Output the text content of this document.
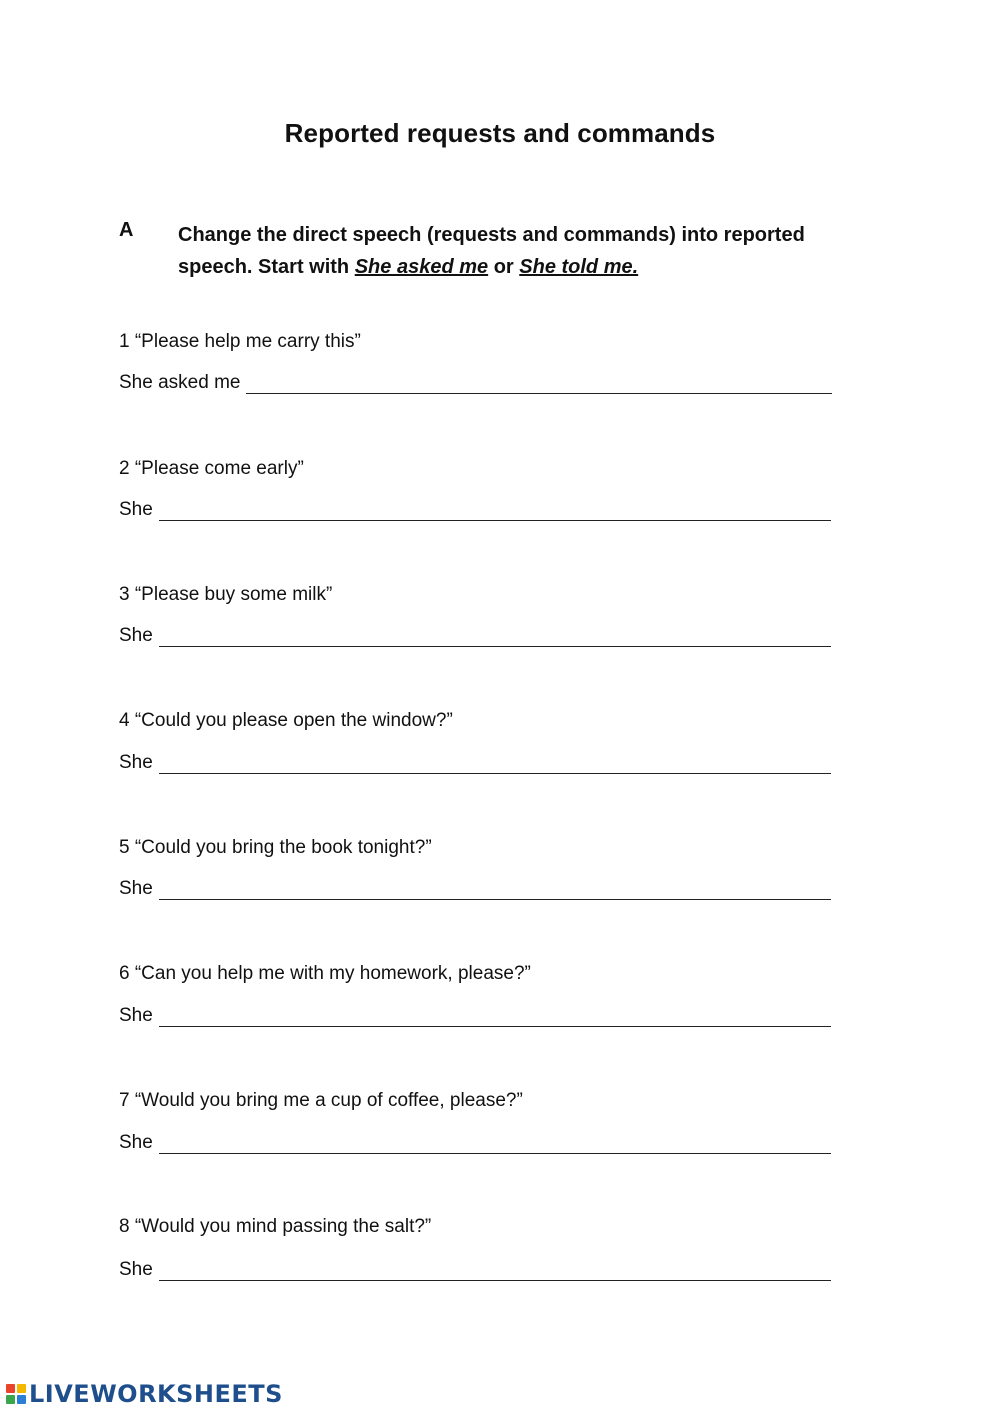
Reported requests and commands
A Change the direct speech (requests and commands) into reported speech. Start with She asked me or She told me.
1 “Please help me carry this”
She asked me
2 “Please come early”
She
3 “Please buy some milk”
She
4 “Could you please open the window?”
She
5 “Could you bring the book tonight?”
She
6 “Can you help me with my homework, please?”
She
7 “Would you bring me a cup of coffee, please?”
She
8 “Would you mind passing the salt?”
She
LIVEWORKSHEETS
